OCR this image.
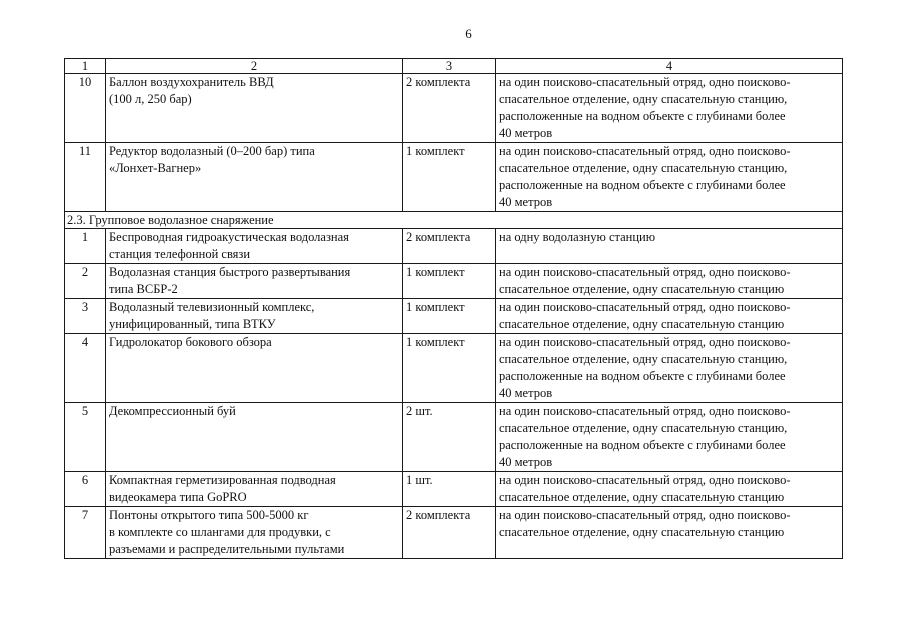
6
1	2	3	4
10	Баллон воздухохранитель ВВД
(100 л, 250 бар)	2 комплекта	на один поисково-спасательный отряд, одно поисково-
спасательное отделение, одну спасательную станцию,
расположенные на водном объекте с глубинами более
40 метров
11	Редуктор водолазный (0–200 бар) типа
«Лонхет-Вагнер»	1 комплект	на один поисково-спасательный отряд, одно поисково-
спасательное отделение, одну спасательную станцию,
расположенные на водном объекте с глубинами более
40 метров
2.3. Групповое водолазное снаряжение			
1	Беспроводная гидроакустическая водолазная
станция телефонной связи	2 комплекта	на одну водолазную станцию
2	Водолазная станция быстрого развертывания
типа ВСБР-2	1 комплект	на один поисково-спасательный отряд, одно поисково-
спасательное отделение, одну спасательную станцию
3	Водолазный телевизионный комплекс,
унифицированный, типа ВТКУ	1 комплект	на один поисково-спасательный отряд, одно поисково-
спасательное отделение, одну спасательную станцию
4	Гидролокатор бокового обзора	1 комплект	на один поисково-спасательный отряд, одно поисково-
спасательное отделение, одну спасательную станцию,
расположенные на водном объекте с глубинами более
40 метров
5	Декомпрессионный буй	2 шт.	на один поисково-спасательный отряд, одно поисково-
спасательное отделение, одну спасательную станцию,
расположенные на водном объекте с глубинами более
40 метров
6	Компактная герметизированная подводная
видеокамера типа GoPRO	1 шт.	на один поисково-спасательный отряд, одно поисково-
спасательное отделение, одну спасательную станцию
7	Понтоны открытого типа 500-5000 кг
в комплекте со шлангами для продувки, с
разъемами и распределительными пультами	2 комплекта	на один поисково-спасательный отряд, одно поисково-
спасательное отделение, одну спасательную станцию
